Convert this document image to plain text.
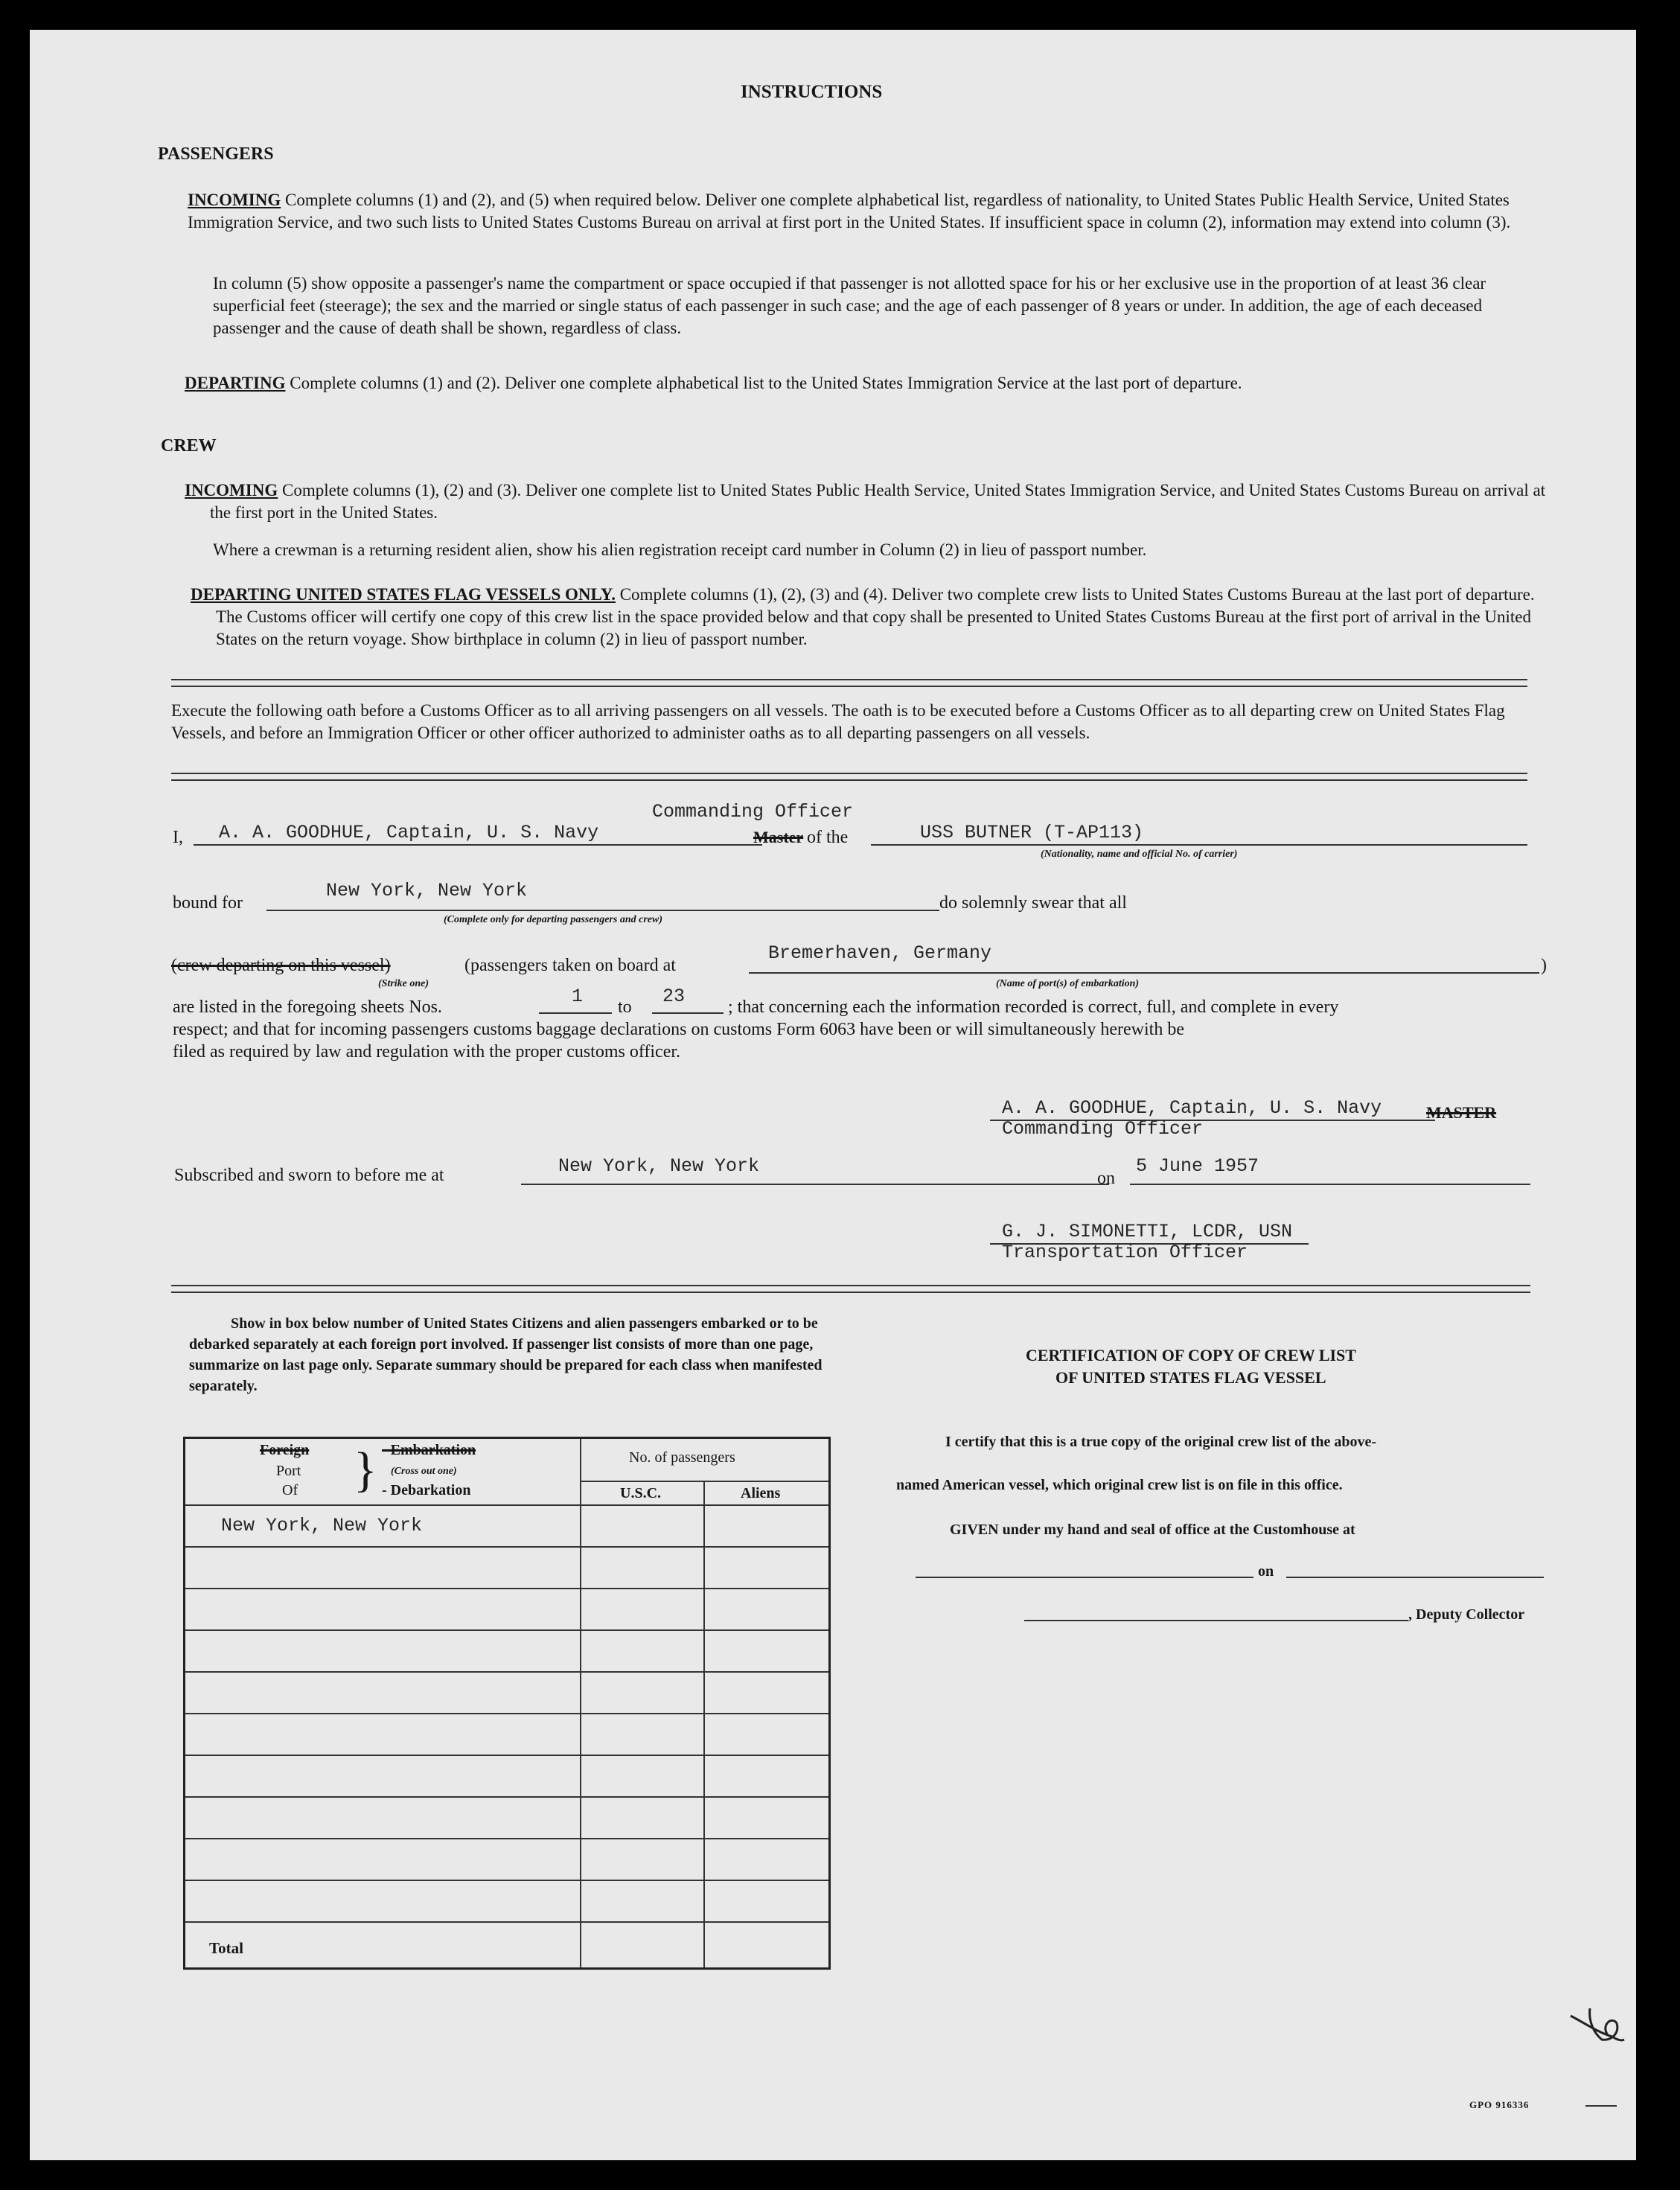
INSTRUCTIONS
PASSENGERS
INCOMING Complete columns (1) and (2), and (5) when required below. Deliver one complete alphabetical list, regardless of nationality, to United States Public Health Service, United States Immigration Service, and two such lists to United States Customs Bureau on arrival at first port in the United States. If insufficient space in column (2), information may extend into column (3).
In column (5) show opposite a passenger's name the compartment or space occupied if that passenger is not allotted space for his or her exclusive use in the proportion of at least 36 clear superficial feet (steerage); the sex and the married or single status of each passenger in such case; and the age of each passenger of 8 years or under. In addition, the age of each deceased passenger and the cause of death shall be shown, regardless of class.
DEPARTING Complete columns (1) and (2). Deliver one complete alphabetical list to the United States Immigration Service at the last port of departure.
CREW
INCOMING Complete columns (1), (2) and (3). Deliver one complete list to United States Public Health Service, United States Immigration Service, and United States Customs Bureau on arrival at the first port in the United States.
Where a crewman is a returning resident alien, show his alien registration receipt card number in Column (2) in lieu of passport number.
DEPARTING UNITED STATES FLAG VESSELS ONLY. Complete columns (1), (2), (3) and (4). Deliver two complete crew lists to United States Customs Bureau at the last port of departure. The Customs officer will certify one copy of this crew list in the space provided below and that copy shall be presented to United States Customs Bureau at the first port of arrival in the United States on the return voyage. Show birthplace in column (2) in lieu of passport number.
Execute the following oath before a Customs Officer as to all arriving passengers on all vessels. The oath is to be executed before a Customs Officer as to all departing crew on United States Flag Vessels, and before an Immigration Officer or other officer authorized to administer oaths as to all departing passengers on all vessels.
I, A. A. GOODHUE, Captain, U. S. Navy
Commanding Officer
Master of the	USS BUTNER (T-AP113)
(Nationality, name and official No. of carrier)
bound for
New York, New York
(Complete only for departing passengers and crew)
do solemnly swear that all
(crew departing on this vessel)
(Strike one)
(passengers taken on board at
Bremerhaven, Germany
(Name of port(s) of embarkation)
)
are listed in the foregoing sheets Nos.	1 to 23 ; that concerning each the information recorded is correct, full, and complete in every
respect; and that for incoming passengers customs baggage declarations on customs Form 6063 have been or will simultaneously herewith be
filed as required by law and regulation with the proper customs officer.
A. A. GOODHUE, Captain, U. S. Navy	MASTER
Commanding Officer
Subscribed and sworn to before me at	New York, New York
on
5 June 1957
G. J. SIMONETTI, LCDR, USN
Transportation Officer
Show in box below number of United States Citizens and alien passengers embarked or to be debarked separately at each foreign port involved. If passenger list consists of more than one page, summarize on last page only. Separate summary should be prepared for each class when manifested separately.
Foreign
Port
Of } - Embarkation
(Cross out one)
- Debarkation
No. of passengers
U.S.C.	Aliens
New York, New York
Total
CERTIFICATION OF COPY OF CREW LIST
OF UNITED STATES FLAG VESSEL
I certify that this is a true copy of the original crew list of the above-
named American vessel, which original crew list is on file in this office.
GIVEN under my hand and seal of office at the Customhouse at
on
, Deputy Collector
GPO 916336
